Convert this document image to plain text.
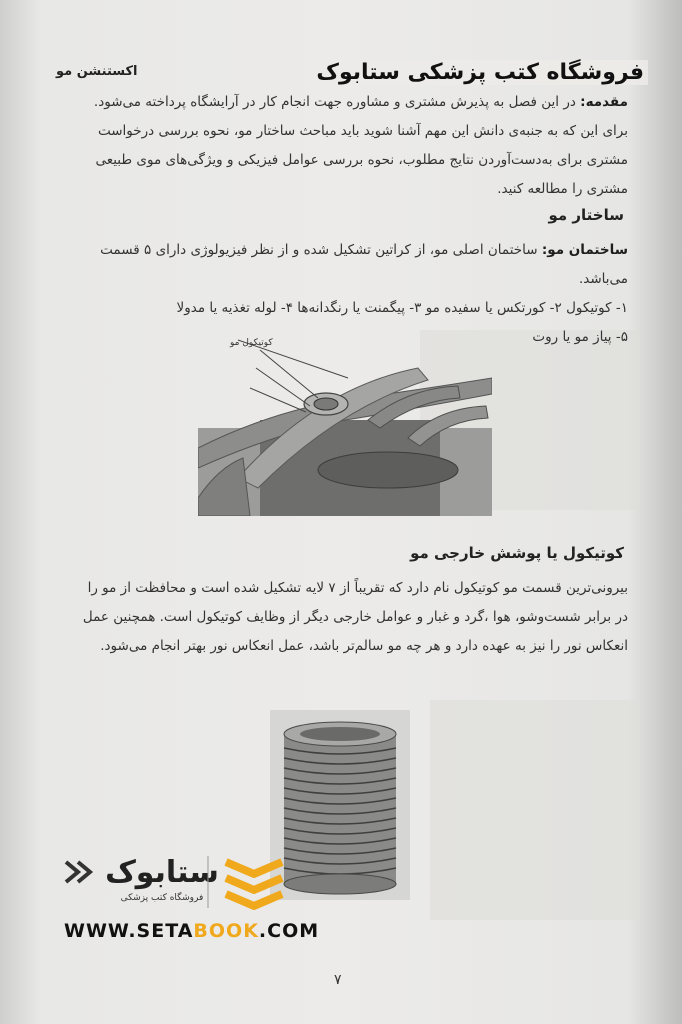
اکستنشن مو	فروشگاه کتب پزشکی ستابوک
مقدمه: در این فصل به پذیرش مشتری و مشاوره جهت انجام کار در آرایشگاه پرداخته می‌شود.
برای این که به جنبه‌ی دانش این مهم آشنا شوید باید مباحث ساختار مو، نحوه بررسی درخواست
مشتری برای به‌دست‌آوردن نتایج مطلوب، نحوه بررسی عوامل فیزیکی و ویژگی‌های موی طبیعی
مشتری را مطالعه کنید.
ساختار مو
ساختمان مو: ساختمان اصلی مو، از کراتین تشکیل شده و از نظر فیزیولوژی دارای ۵ قسمت می‌باشد.
۱- کوتیکول ۲- کورتکس یا سفیده مو ۳- پیگمنت یا رنگدانه‌ها ۴- لوله تغذیه یا مدولا
۵- پیاز مو یا روت
کوتیکول مو
کوتیکول یا پوشش خارجی مو
بیرونی‌ترین قسمت مو کوتیکول نام دارد که تقریباً از ۷ لایه تشکیل شده است و محافظت از مو را
در برابر شست‌وشو، هوا ،گرد و غبار و عوامل خارجی دیگر از وظایف کوتیکول است. همچنین عمل
انعکاس نور را نیز به عهده دارد و هر چه مو سالم‌تر باشد، عمل انعکاس نور بهتر انجام می‌شود.
ستابوک
فروشگاه کتب پزشکی
WWW.SETABOOK.COM
۷
